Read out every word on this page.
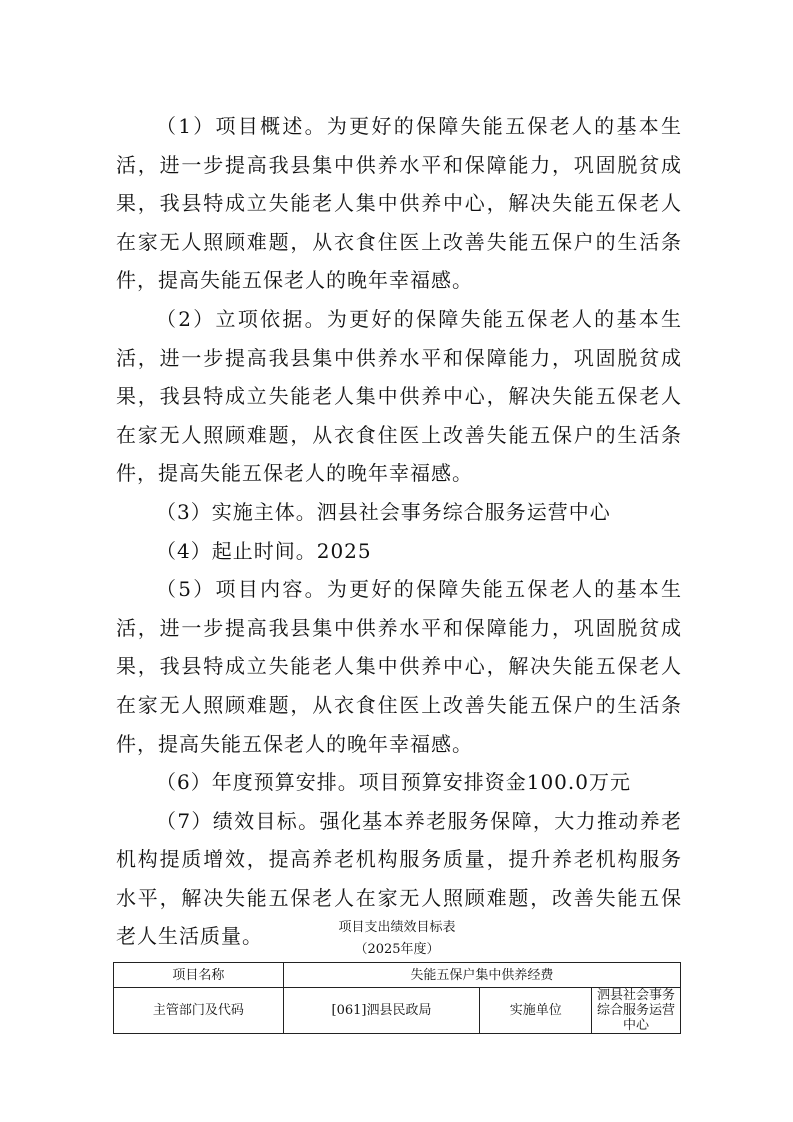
（1）项目概述。为更好的保障失能五保老人的基本生活，进一步提高我县集中供养水平和保障能力，巩固脱贫成果，我县特成立失能老人集中供养中心，解决失能五保老人在家无人照顾难题，从衣食住医上改善失能五保户的生活条件，提高失能五保老人的晚年幸福感。

（2）立项依据。为更好的保障失能五保老人的基本生活，进一步提高我县集中供养水平和保障能力，巩固脱贫成果，我县特成立失能老人集中供养中心，解决失能五保老人在家无人照顾难题，从衣食住医上改善失能五保户的生活条件，提高失能五保老人的晚年幸福感。

（3）实施主体。泗县社会事务综合服务运营中心

（4）起止时间。2025

（5）项目内容。为更好的保障失能五保老人的基本生活，进一步提高我县集中供养水平和保障能力，巩固脱贫成果，我县特成立失能老人集中供养中心，解决失能五保老人在家无人照顾难题，从衣食住医上改善失能五保户的生活条件，提高失能五保老人的晚年幸福感。

（6）年度预算安排。项目预算安排资金100.0万元

（7）绩效目标。强化基本养老服务保障，大力推动养老机构提质增效，提高养老机构服务质量，提升养老机构服务水平，解决失能五保老人在家无人照顾难题，改善失能五保老人生活质量。	项目支出绩效目标表

（2025年度）

项目名称	失能五保户集中供养经费		
主管部门及代码	[061]泗县民政局	实施单位	泗县社会事务综合服务运营中心
